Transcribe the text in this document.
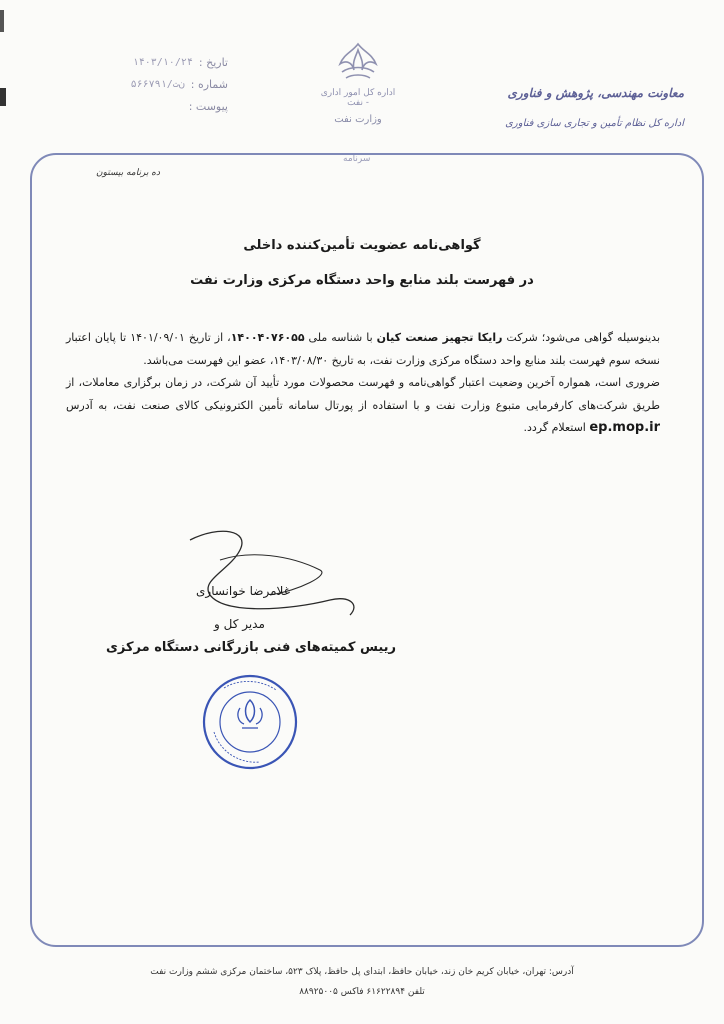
تاریخ :
۱۴۰۳/۱۰/۲۴
شماره :
ن‌ت/۵۶۶۷۹۱
پیوست :
اداره کل امور اداری - نفت
وزارت نفت
سرنامه
معاونت مهندسی، پژوهش و فناوری
اداره کل نظام تأمین و تجاری سازی فناوری
ده برنامه بیستون
گواهی‌نامه عضویت تأمین‌کننده داخلی
در فهرست بلند منابع واحد دستگاه مرکزی وزارت نفت

بدینوسیله گواهی می‌شود؛ شرکت رایکا تجهیز صنعت کیان با شناسه ملی ۱۴۰۰۴۰۷۶۰۵۵، از تاریخ ۱۴۰۱/۰۹/۰۱ تا پایان اعتبار نسخه سوم فهرست بلند منابع واحد دستگاه مرکزی وزارت نفت، به تاریخ ۱۴۰۳/۰۸/۳۰، عضو این فهرست می‌باشد.

ضروری است، همواره آخرین وضعیت اعتبار گواهی‌نامه و فهرست محصولات مورد تأیید آن شرکت، در زمان برگزاری معاملات، از طریق شرکت‌های کارفرمایی متبوع وزارت نفت و با استفاده از پورتال سامانه تأمین الکترونیکی کالای صنعت نفت، به آدرس ep.mop.ir استعلام گردد.

غلامرضا خوانساری
مدیر کل و
رییس کمیته‌های فنی بازرگانی دستگاه مرکزی
آدرس: تهران، خیابان کریم خان زند، خیابان حافظ، ابتدای پل حافظ، پلاک ۵۲۳، ساختمان مرکزی ششم وزارت نفت
تلفن ۶۱۶۲۲۸۹۴ فاکس ۸۸۹۲۵۰۰۵
